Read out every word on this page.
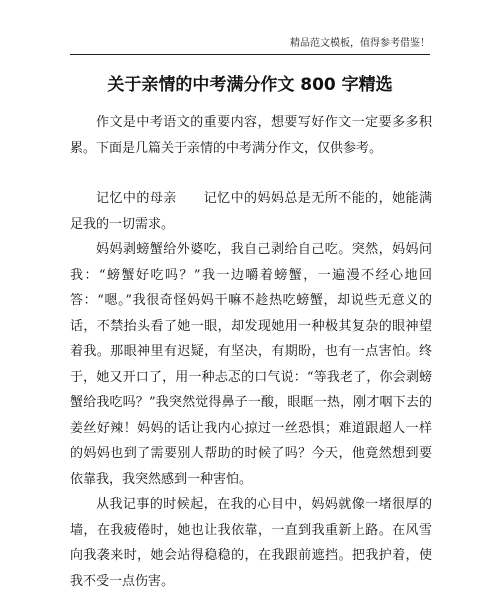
精品范文模板，值得参考借鉴！
关于亲情的中考满分作文 800 字精选

作文是中考语文的重要内容，想要写好作文一定要多多积累。下面是几篇关于亲情的中考满分作文，仅供参考。

记忆中的母亲　　记忆中的妈妈总是无所不能的，她能满足我的一切需求。

妈妈剥螃蟹给外婆吃，我自己剥给自己吃。突然，妈妈问我：“螃蟹好吃吗？”我一边嚼着螃蟹，一遍漫不经心地回答：“嗯。”我很奇怪妈妈干嘛不趁热吃螃蟹，却说些无意义的话，不禁抬头看了她一眼，却发现她用一种极其复杂的眼神望着我。那眼神里有迟疑，有坚决，有期盼，也有一点害怕。终于，她又开口了，用一种忐忑的口气说：“等我老了，你会剥螃蟹给我吃吗？”我突然觉得鼻子一酸，眼眶一热，刚才咽下去的姜丝好辣！妈妈的话让我内心掠过一丝恐惧；难道跟超人一样的妈妈也到了需要别人帮助的时候了吗？今天，他竟然想到要依靠我，我突然感到一种害怕。

从我记事的时候起，在我的心目中，妈妈就像一堵很厚的墙，在我疲倦时，她也让我依靠，一直到我重新上路。在风雪向我袭来时，她会站得稳稳的，在我跟前遮挡。把我护着，使我不受一点伤害。
